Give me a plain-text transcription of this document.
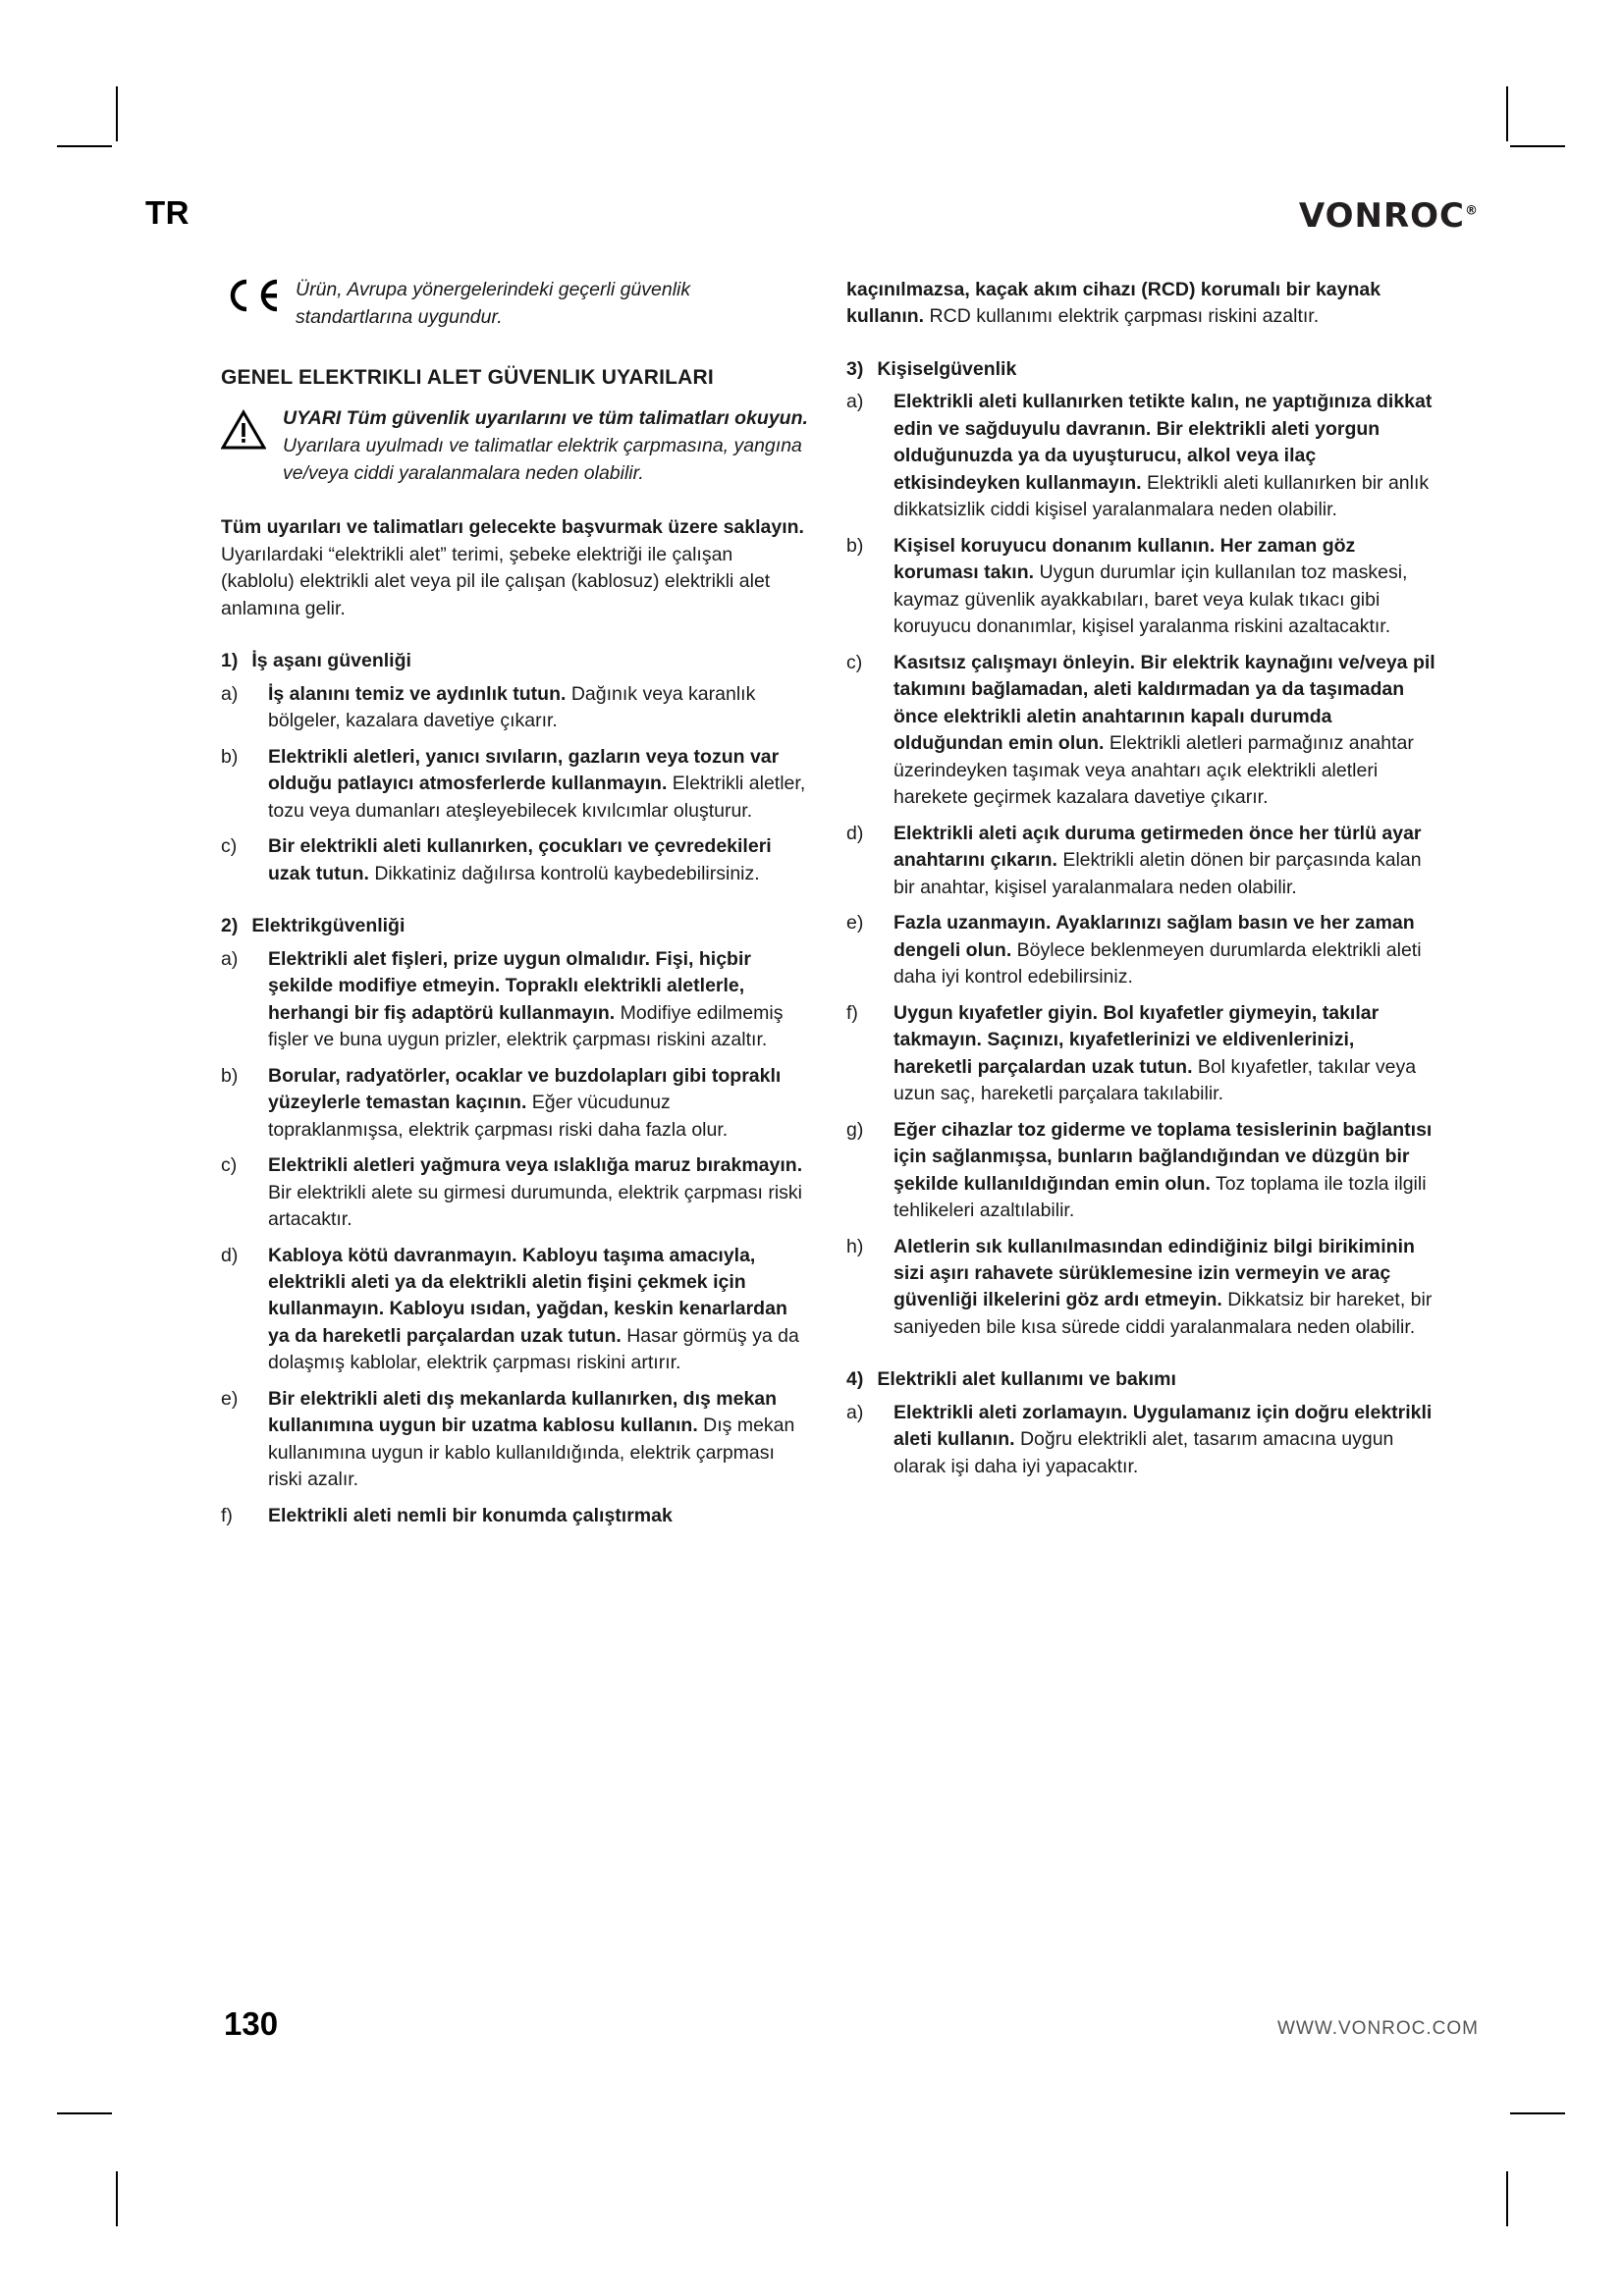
TR	VONROC®
Ürün, Avrupa yönergelerindeki geçerli güvenlik standartlarına uygundur.
GENEL ELEKTRIKLI ALET GÜVENLIK UYARILARI
UYARI Tüm güvenlik uyarılarını ve tüm talimatları okuyun. Uyarılara uyulmadı ve talimatlar elektrik çarpmasına, yangına ve/veya ciddi yaralanmalara neden olabilir.
Tüm uyarıları ve talimatları gelecekte başvurmak üzere saklayın.
Uyarılardaki “elektrikli alet” terimi, şebeke elektriği ile çalışan (kablolu) elektrikli alet veya pil ile çalışan (kablosuz) elektrikli alet anlamına gelir.
1) İş aşanı güvenliği
a)	İş alanını temiz ve aydınlık tutun. Dağınık veya karanlık bölgeler, kazalara davetiye çıkarır.
b)	Elektrikli aletleri, yanıcı sıvıların, gazların veya tozun var olduğu patlayıcı atmosferlerde kullanmayın. Elektrikli aletler, tozu veya dumanları ateşleyebilecek kıvılcımlar oluşturur.
c)	Bir elektrikli aleti kullanırken, çocukları ve çevredekileri uzak tutun. Dikkatiniz dağılırsa kontrolü kaybedebilirsiniz.
2) Elektrikgüvenliği
a)	Elektrikli alet fişleri, prize uygun olmalıdır. Fişi, hiçbir şekilde modifiye etmeyin. Topraklı elektrikli aletlerle, herhangi bir fiş adaptörü kullanmayın. Modifiye edilmemiş fişler ve buna uygun prizler, elektrik çarpması riskini azaltır.
b)	Borular, radyatörler, ocaklar ve buzdolapları gibi topraklı yüzeylerle temastan kaçının. Eğer vücudunuz topraklanmışsa, elektrik çarpması riski daha fazla olur.
c)	Elektrikli aletleri yağmura veya ıslaklığa maruz bırakmayın. Bir elektrikli alete su girmesi durumunda, elektrik çarpması riski artacaktır.
d)	Kabloya kötü davranmayın. Kabloyu taşıma amacıyla, elektrikli aleti ya da elektrikli aletin fişini çekmek için kullanmayın. Kabloyu ısıdan, yağdan, keskin kenarlardan ya da hareketli parçalardan uzak tutun. Hasar görmüş ya da dolaşmış kablolar, elektrik çarpması riskini artırır.
e)	Bir elektrikli aleti dış mekanlarda kullanırken, dış mekan kullanımına uygun bir uzatma kablosu kullanın. Dış mekan kullanımına uygun ir kablo kullanıldığında, elektrik çarpması riski azalır.
f)	Elektrikli aleti nemli bir konumda çalıştırmak
kaçınılmazsa, kaçak akım cihazı (RCD) korumalı bir kaynak kullanın. RCD kullanımı elektrik çarpması riskini azaltır.
3) Kişiselgüvenlik
a)	Elektrikli aleti kullanırken tetikte kalın, ne yaptığınıza dikkat edin ve sağduyulu davranın. Bir elektrikli aleti yorgun olduğunuzda ya da uyuşturucu, alkol veya ilaç etkisindeyken kullanmayın. Elektrikli aleti kullanırken bir anlık dikkatsizlik ciddi kişisel yaralanmalara neden olabilir.
b)	Kişisel koruyucu donanım kullanın. Her zaman göz koruması takın. Uygun durumlar için kullanılan toz maskesi, kaymaz güvenlik ayakkabıları, baret veya kulak tıkacı gibi koruyucu donanımlar, kişisel yaralanma riskini azaltacaktır.
c)	Kasıtsız çalışmayı önleyin. Bir elektrik kaynağını ve/veya pil takımını bağlamadan, aleti kaldırmadan ya da taşımadan önce elektrikli aletin anahtarının kapalı durumda olduğundan emin olun. Elektrikli aletleri parmağınız anahtar üzerindeyken taşımak veya anahtarı açık elektrikli aletleri harekete geçirmek kazalara davetiye çıkarır.
d)	Elektrikli aleti açık duruma getirmeden önce her türlü ayar anahtarını çıkarın. Elektrikli aletin dönen bir parçasında kalan bir anahtar, kişisel yaralanmalara neden olabilir.
e)	Fazla uzanmayın. Ayaklarınızı sağlam basın ve her zaman dengeli olun. Böylece beklenmeyen durumlarda elektrikli aleti daha iyi kontrol edebilirsiniz.
f)	Uygun kıyafetler giyin. Bol kıyafetler giymeyin, takılar takmayın. Saçınızı, kıyafetlerinizi ve eldivenlerinizi, hareketli parçalardan uzak tutun. Bol kıyafetler, takılar veya uzun saç, hareketli parçalara takılabilir.
g)	Eğer cihazlar toz giderme ve toplama tesislerinin bağlantısı için sağlanmışsa, bunların bağlandığından ve düzgün bir şekilde kullanıldığından emin olun. Toz toplama ile tozla ilgili tehlikeleri azaltılabilir.
h)	Aletlerin sık kullanılmasından edindiğiniz bilgi birikiminin sizi aşırı rahavete sürüklemesine izin vermeyin ve araç güvenliği ilkelerini göz ardı etmeyin. Dikkatsiz bir hareket, bir saniyeden bile kısa sürede ciddi yaralanmalara neden olabilir.
4) Elektrikli alet kullanımı ve bakımı
a)	Elektrikli aleti zorlamayın. Uygulamanız için doğru elektrikli aleti kullanın. Doğru elektrikli alet, tasarım amacına uygun olarak işi daha iyi yapacaktır.
130	WWW.VONROC.COM
